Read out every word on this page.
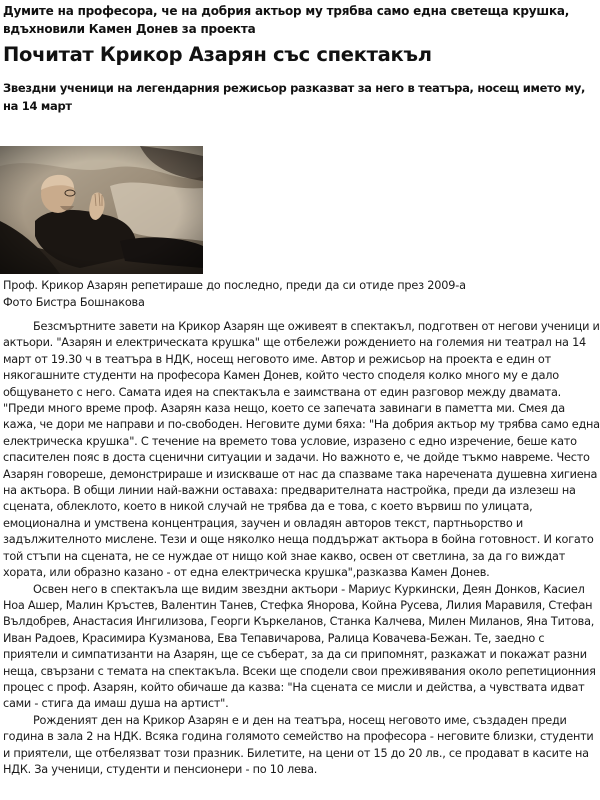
Думите на професора, че на добрия актьор му трябва само една светеща крушка, вдъхновили Камен Донев за проекта

Почитат Крикор Азарян със спектакъл

Звездни ученици на легендарния режисьор разказват за него в театъра, носещ името му, на 14 март

Проф. Крикор Азарян репетираше до последно, преди да си отиде през 2009-а
Фото Бистра Бошнакова

Безсмъртните завети на Крикор Азарян ще оживеят в спектакъл, подготвен от негови ученици и актьори. "Азарян и електрическата крушка" ще отбележи рождението на големия ни театрал на 14 март от 19.30 ч в театъра в НДК, носещ неговото име. Автор и режисьор на проекта е един от някогашните студенти на професора Камен Донев, който често споделя колко много му е дало общуването с него. Самата идея на спектакъла е заимствана от един разговор между двамата. "Преди много време проф. Азарян каза нещо, което се запечата завинаги в паметта ми. Смея да кажа, че дори ме направи и по-свободен. Неговите думи бяха: "На добрия актьор му трябва само една електрическа крушка". С течение на времето това условие, изразено с едно изречение, беше като спасителен пояс в доста сценични ситуации и задачи. Но важното е, че дойде тъкмо навреме. Често Азарян говореше, демонстрираше и изискваше от нас да спазваме така наречената душевна хигиена на актьора. В общи линии най-важни оставаха: предварителната настройка, преди да излезеш на сцената, облеклото, което в никой случай не трябва да е това, с което вървиш по улицата, емоционална и умствена концентрация, заучен и овладян авторов текст, партньорство и задължителното мислене. Тези и още няколко неща поддържат актьора в бойна готовност. И когато той стъпи на сцената, не се нуждае от нищо кой знае какво, освен от светлина, за да го виждат хората, или образно казано - от една електрическа крушка",разказва Камен Донев.

Освен него в спектакъла ще видим звездни актьори - Мариус Куркински, Деян Донков, Касиел Ноа Ашер, Малин Кръстев, Валентин Танев, Стефка Янорова, Койна Русева, Лилия Маравиля, Стефан Вълдобрев, Анастасия Ингилизова, Георги Къркеланов, Станка Калчева, Милен Миланов, Яна Титова, Иван Радоев, Красимира Кузманова, Ева Тепавичарова, Ралица Ковачева-Бежан. Те, заедно с приятели и симпатизанти на Азарян, ще се съберат, за да си припомнят, разкажат и покажат разни неща, свързани с темата на спектакъла. Всеки ще сподели свои преживявания около репетиционния процес с проф. Азарян, който обичаше да казва: "На сцената се мисли и действа, а чувствата идват сами - стига да имаш душа на артист".

Рожденият ден на Крикор Азарян е и ден на театъра, носещ неговото име, създаден преди година в зала 2 на НДК. Всяка година голямото семейство на професора - неговите близки, студенти и приятели, ще отбелязват този празник. Билетите, на цени от 15 до 20 лв., се продават в касите на НДК. За ученици, студенти и пенсионери - по 10 лева.
